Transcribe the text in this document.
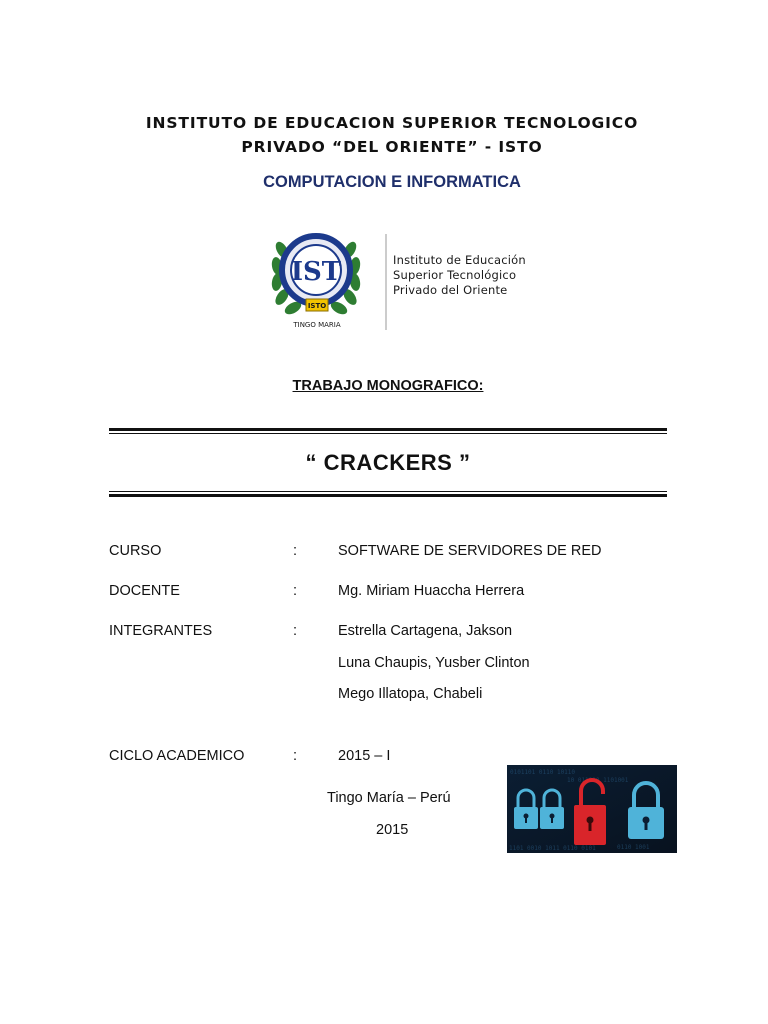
INSTITUTO DE EDUCACION SUPERIOR TECNOLOGICO
PRIVADO “DEL ORIENTE” - ISTO
COMPUTACION E INFORMATICA
IST
ISTO
TINGO MARIA
Instituto de Educación
Superior Tecnológico
Privado del Oriente
TRABAJO MONOGRAFICO:
“ CRACKERS ”
CURSO	:	SOFTWARE DE SERVIDORES DE RED
DOCENTE	:	Mg. Miriam Huaccha Herrera
INTEGRANTES	:	Estrella Cartagena, Jakson
Luna Chaupis, Yusber Clinton
Mego Illatopa, Chabeli
CICLO ACADEMICO	:	2015 – I
Tingo María – Perú
2015
0101101 0110 10110
10 011010 1101001
1101 0010 1011 0110 0101	0110 1001
